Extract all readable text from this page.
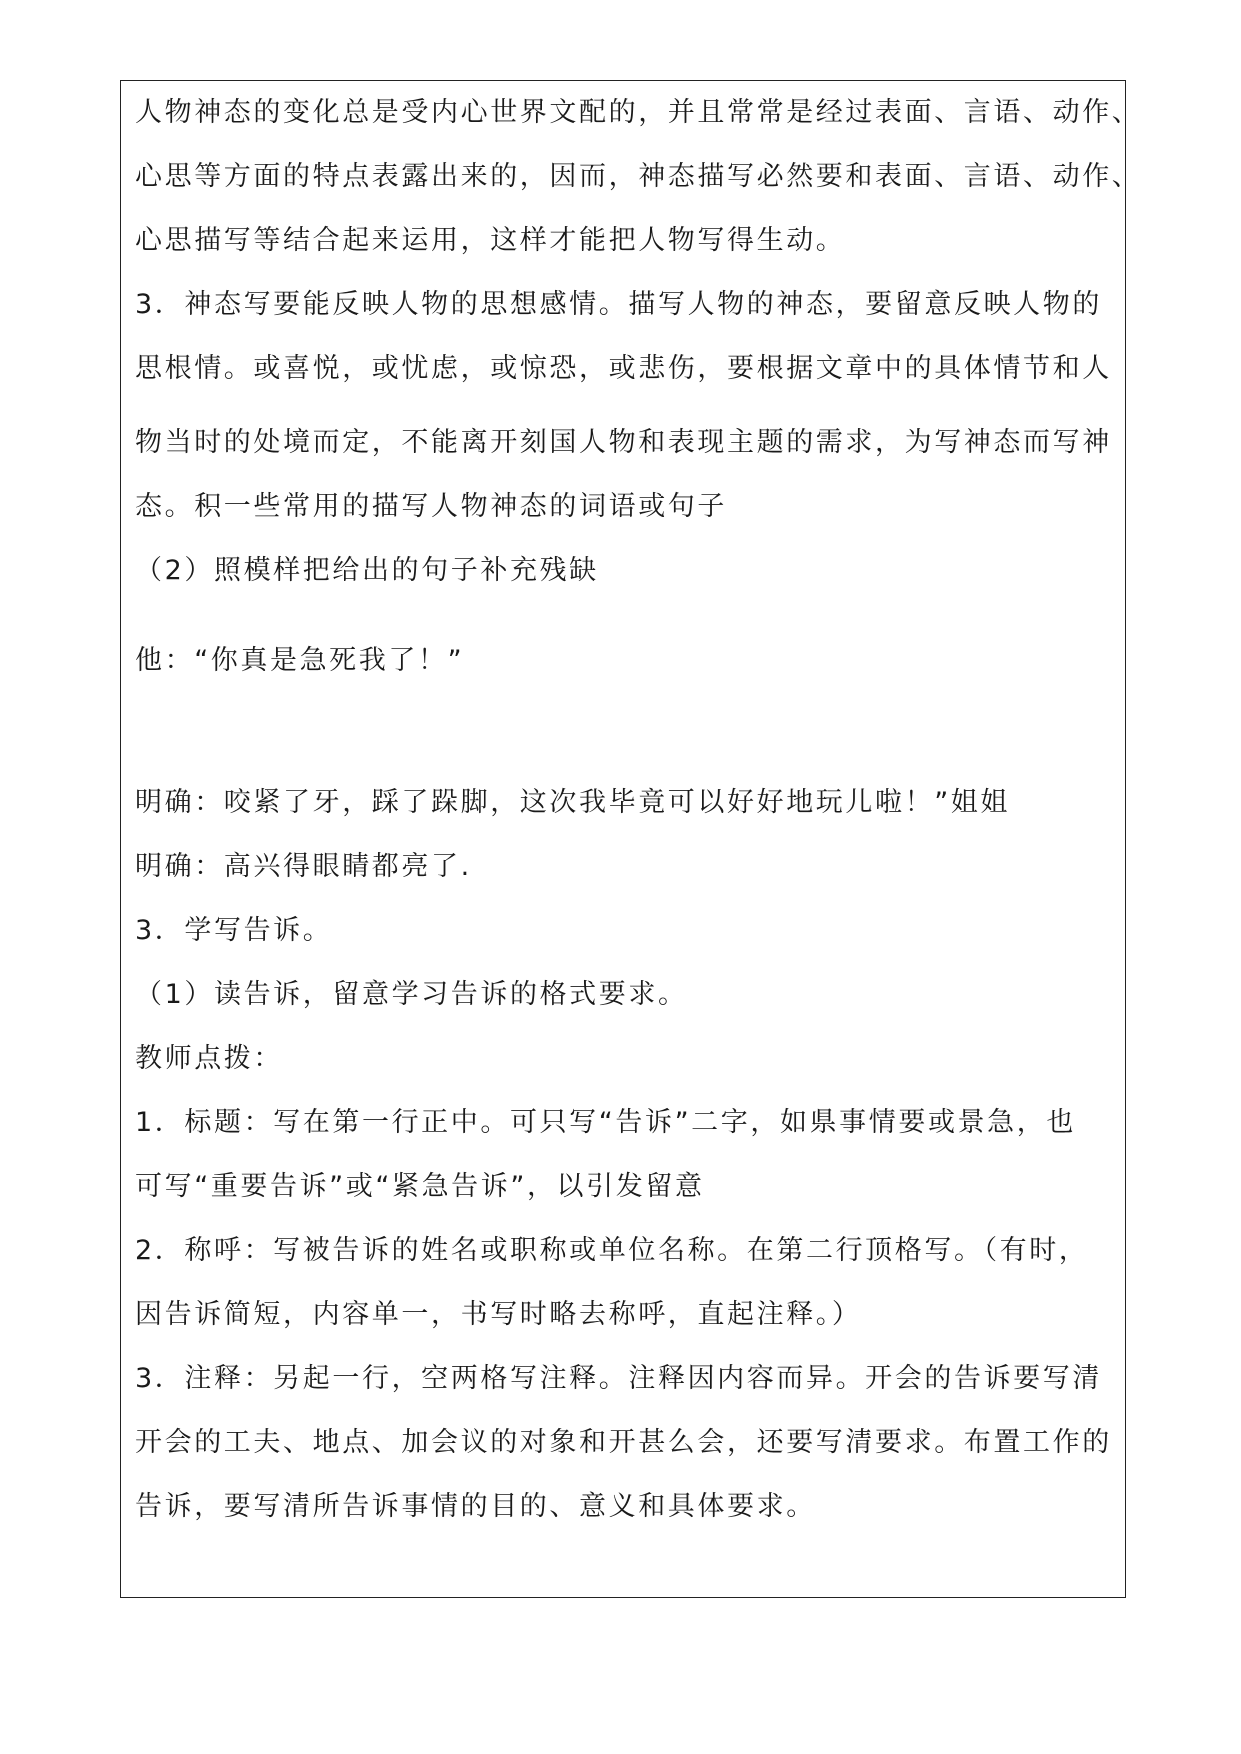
人物神态的变化总是受内心世界文配的，并且常常是经过表面、言语、动作、

心思等方面的特点表露出来的，因而，神态描写必然要和表面、言语、动作、

心思描写等结合起来运用，这样才能把人物写得生动。

3．神态写要能反映人物的思想感情。描写人物的神态，要留意反映人物的

思根情。或喜悦，或忧虑，或惊恐，或悲伤，要根据文章中的具体情节和人

物当时的处境而定，不能离开刻国人物和表现主题的需求，为写神态而写神

态。积一些常用的描写人物神态的词语或句子

（2）照模样把给出的句子补充残缺

他：“你真是急死我了！”

明确：咬紧了牙，踩了跺脚，这次我毕竟可以好好地玩儿啦！”姐姐

明确：高兴得眼睛都亮了.

3．学写告诉。

（1）读告诉，留意学习告诉的格式要求。

教师点拨：

1．标题：写在第一行正中。可只写“告诉”二字，如県事情要或景急，也

可写“重要告诉”或“紧急告诉”，以引发留意

2．称呼：写被告诉的姓名或职称或单位名称。在第二行顶格写。（有时，

因告诉简短，内容单一，书写时略去称呼，直起注释。）

3．注释：另起一行，空两格写注释。注释因内容而异。开会的告诉要写清

开会的工夫、地点、加会议的对象和开甚么会，还要写清要求。布置工作的

告诉，要写清所告诉事情的目的、意义和具体要求。
